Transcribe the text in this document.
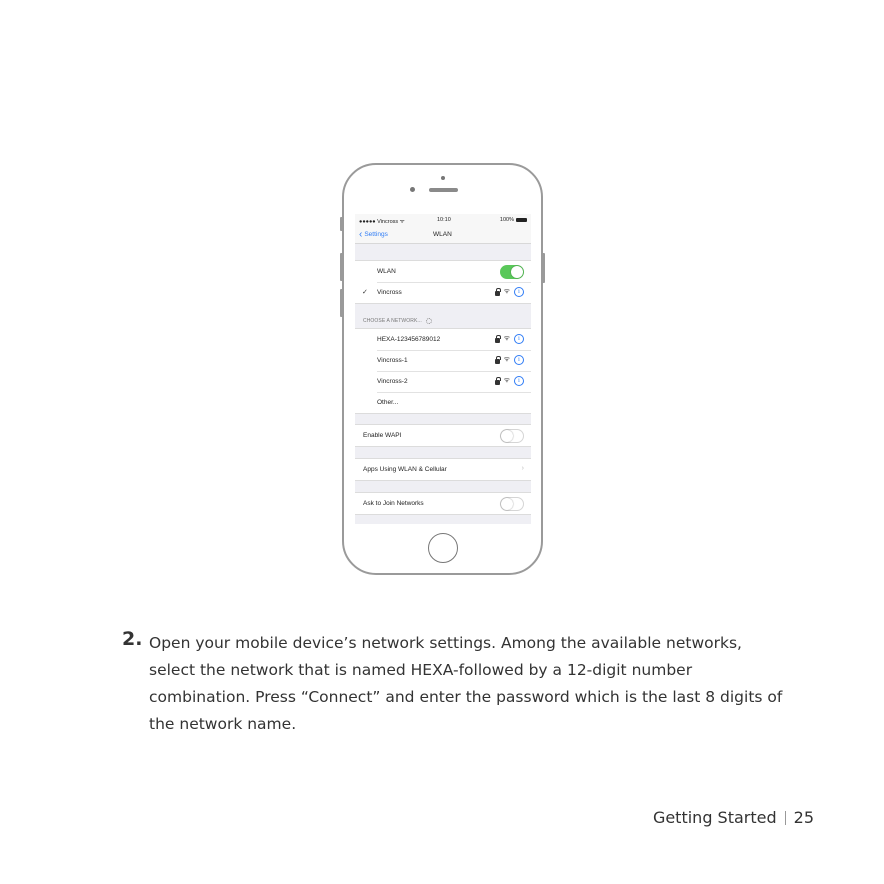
●●●●● Vincross ᯤ	10:10	100%
‹ Settings	WLAN
WLAN
✓ Vincross	ᯤ	i
CHOOSE A NETWORK...
HEXA-123456789012	ᯤ	i
Vincross-1	ᯤ	i
Vincross-2	ᯤ	i
Other...
Enable WAPI
Apps Using WLAN & Cellular	›
Ask to Join Networks
2. Open your mobile device’s network settings. Among the available networks, select the network that is named HEXA-followed by a 12-digit number combination. Press “Connect” and enter the password which is the last 8 digits of the network name.

Getting Started 25
